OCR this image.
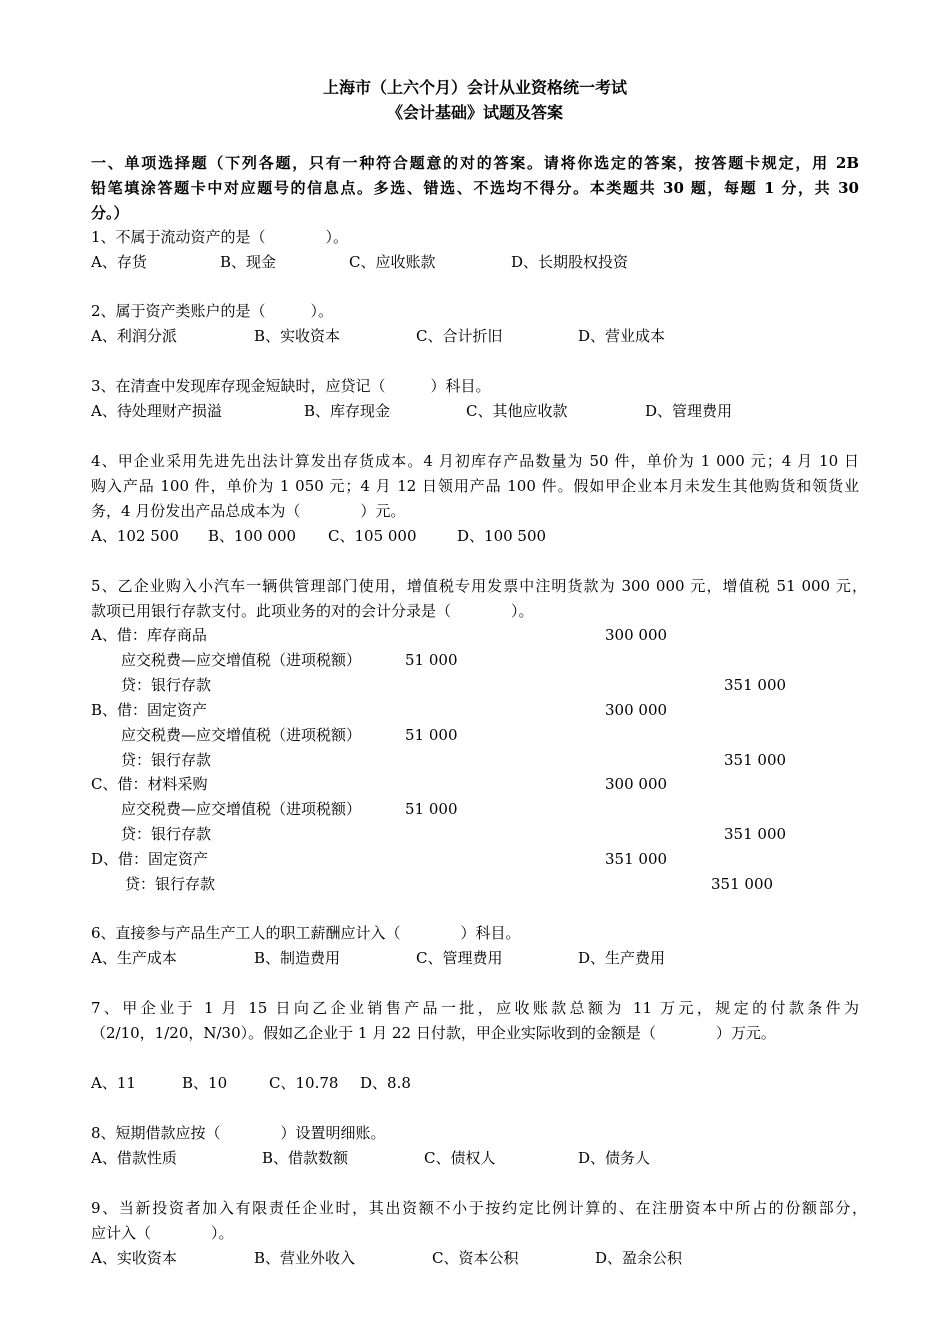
上海市（上六个月）会计从业资格统一考试
《会计基础》试题及答案
一、单项选择题（下列各题，只有一种符合题意的对的答案。请将你选定的答案，按答题卡规定，用 2B
铅笔填涂答题卡中对应题号的信息点。多选、错选、不选均不得分。本类题共 30 题，每题 1 分，共 30
分。）
1、不属于流动资产的是（　　　　）。
A、存货	B、现金	C、应收账款	D、长期股权投资
2、属于资产类账户的是（　　　）。
A、利润分派	B、实收资本	C、合计折旧	D、营业成本
3、在清查中发现库存现金短缺时，应贷记（　　　）科目。
A、待处理财产损溢	B、库存现金	C、其他应收款	D、管理费用
4、甲企业采用先进先出法计算发出存货成本。4 月初库存产品数量为 50 件，单价为 1 000 元；4 月 10 日
购入产品 100 件，单价为 1 050 元；4 月 12 日领用产品 100 件。假如甲企业本月未发生其他购货和领货业
务，4 月份发出产品总成本为（　　　　）元。
A、102 500 B、100 000 C、105 000	D、100 500
5、乙企业购入小汽车一辆供管理部门使用，增值税专用发票中注明货款为 300 000 元，增值税 51 000 元，
款项已用银行存款支付。此项业务的对的会计分录是（　　　　）。
A、借：库存商品	300 000
应交税费—应交增值税（进项税额）	51 000
贷：银行存款	351 000
B、借：固定资产	300 000
应交税费—应交增值税（进项税额）	51 000
贷：银行存款	351 000
C、借：材料采购	300 000
应交税费—应交增值税（进项税额）	51 000
贷：银行存款	351 000
D、借：固定资产	351 000
贷：银行存款	351 000
6、直接参与产品生产工人的职工薪酬应计入（　　　　）科目。
A、生产成本	B、制造费用	C、管理费用	D、生产费用
7、甲企业于 1 月 15 日向乙企业销售产品一批，应收账款总额为 11 万元，规定的付款条件为
（2/10，1/20，N/30）。假如乙企业于 1 月 22 日付款，甲企业实际收到的金额是（　　　　）万元。
A、11	B、10	C、10.78 D、8.8
8、短期借款应按（　　　　）设置明细账。
A、借款性质	B、借款数额	C、债权人	D、债务人
9、当新投资者加入有限责任企业时，其出资额不小于按约定比例计算的、在注册资本中所占的份额部分，
应计入（　　　　）。
A、实收资本	B、营业外收入	C、资本公积	D、盈余公积
